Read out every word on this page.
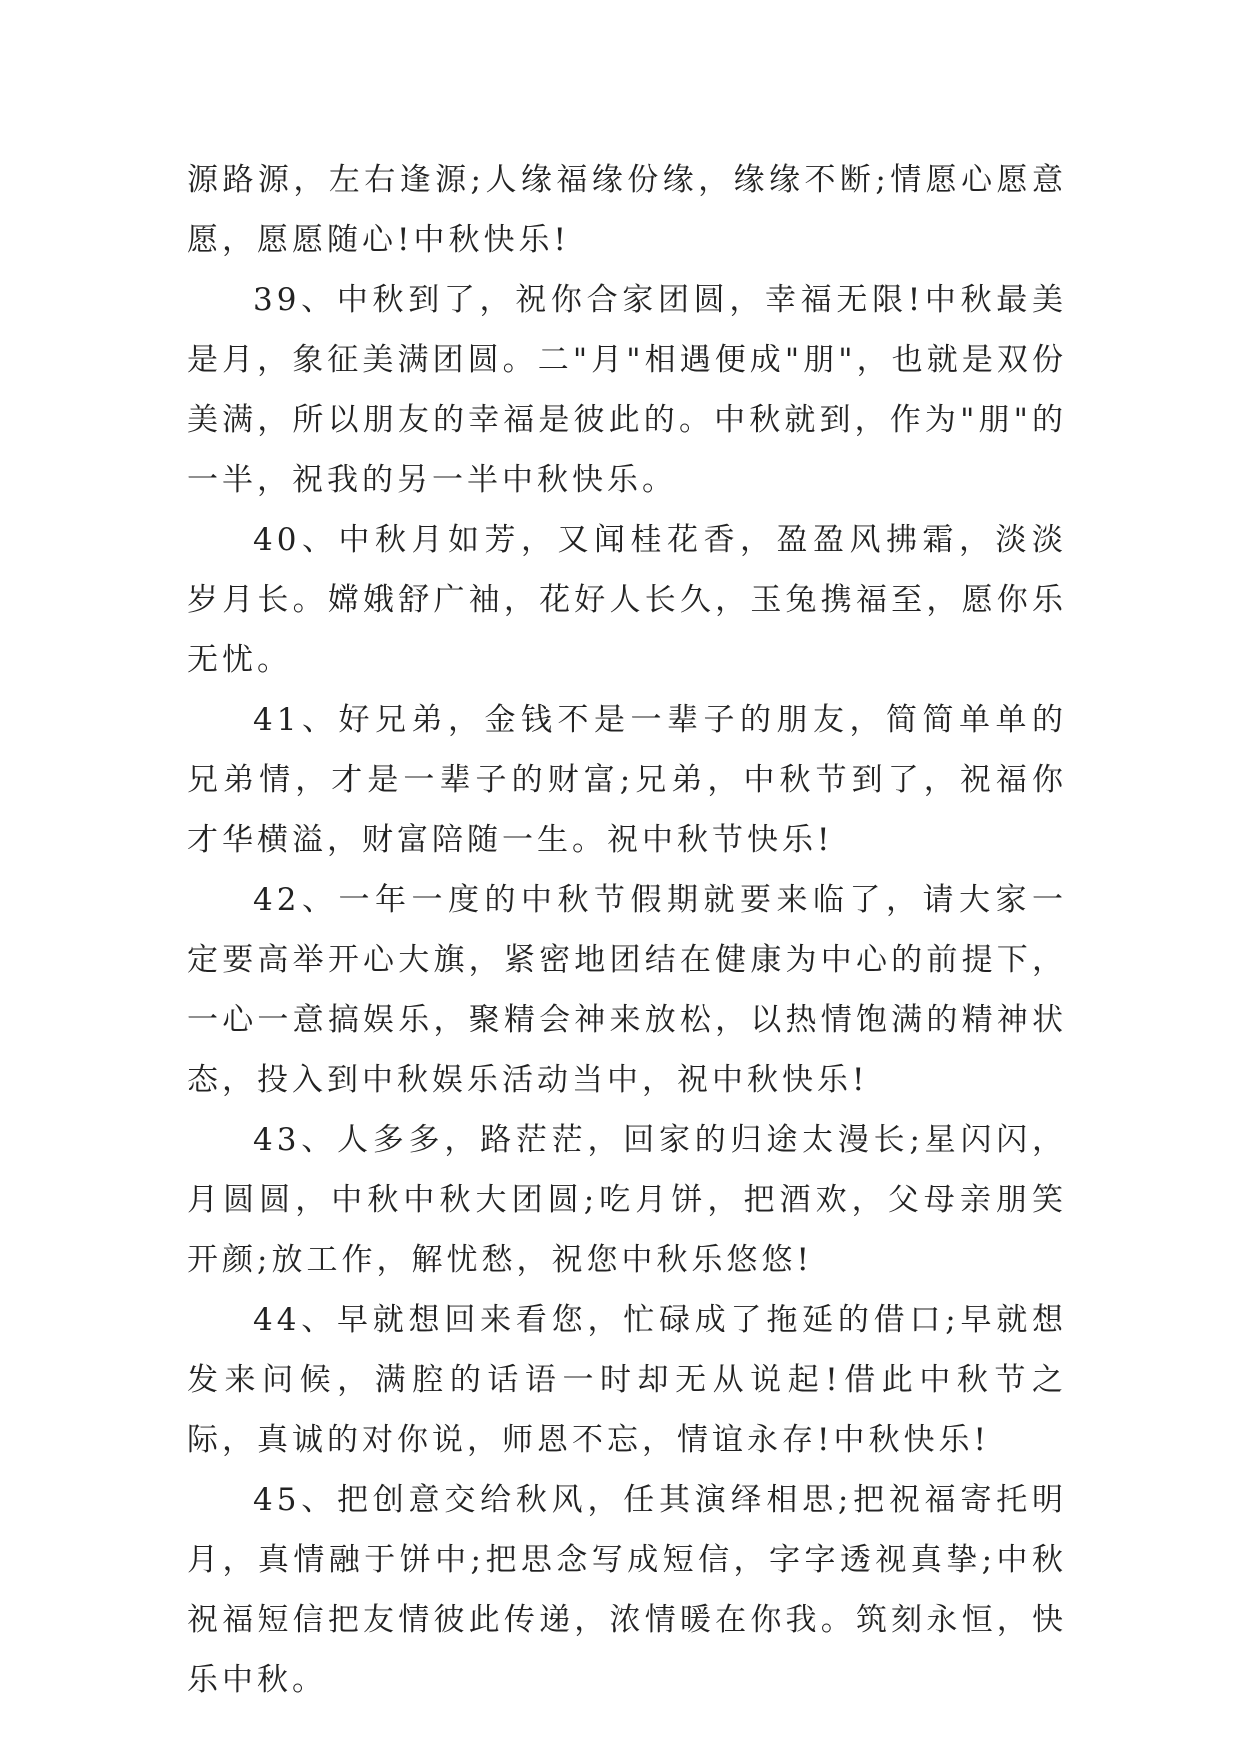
源路源，左右逢源;人缘福缘份缘，缘缘不断;情愿心愿意愿，愿愿随心!中秋快乐!

39、中秋到了，祝你合家团圆，幸福无限!中秋最美是月，象征美满团圆。二"月"相遇便成"朋"，也就是双份美满，所以朋友的幸福是彼此的。中秋就到，作为"朋"的一半，祝我的另一半中秋快乐。

40、中秋月如芳，又闻桂花香，盈盈风拂霜，淡淡岁月长。嫦娥舒广袖，花好人长久，玉兔携福至，愿你乐无忧。

41、好兄弟，金钱不是一辈子的朋友，简简单单的兄弟情，才是一辈子的财富;兄弟，中秋节到了，祝福你才华横溢，财富陪随一生。祝中秋节快乐!

42、一年一度的中秋节假期就要来临了，请大家一定要高举开心大旗，紧密地团结在健康为中心的前提下，一心一意搞娱乐，聚精会神来放松，以热情饱满的精神状态，投入到中秋娱乐活动当中，祝中秋快乐!

43、人多多，路茫茫，回家的归途太漫长;星闪闪，月圆圆，中秋中秋大团圆;吃月饼，把酒欢，父母亲朋笑开颜;放工作，解忧愁，祝您中秋乐悠悠!

44、早就想回来看您，忙碌成了拖延的借口;早就想发来问候，满腔的话语一时却无从说起!借此中秋节之际，真诚的对你说，师恩不忘，情谊永存!中秋快乐!

45、把创意交给秋风，任其演绎相思;把祝福寄托明月，真情融于饼中;把思念写成短信，字字透视真挚;中秋祝福短信把友情彼此传递，浓情暖在你我。筑刻永恒，快乐中秋。
